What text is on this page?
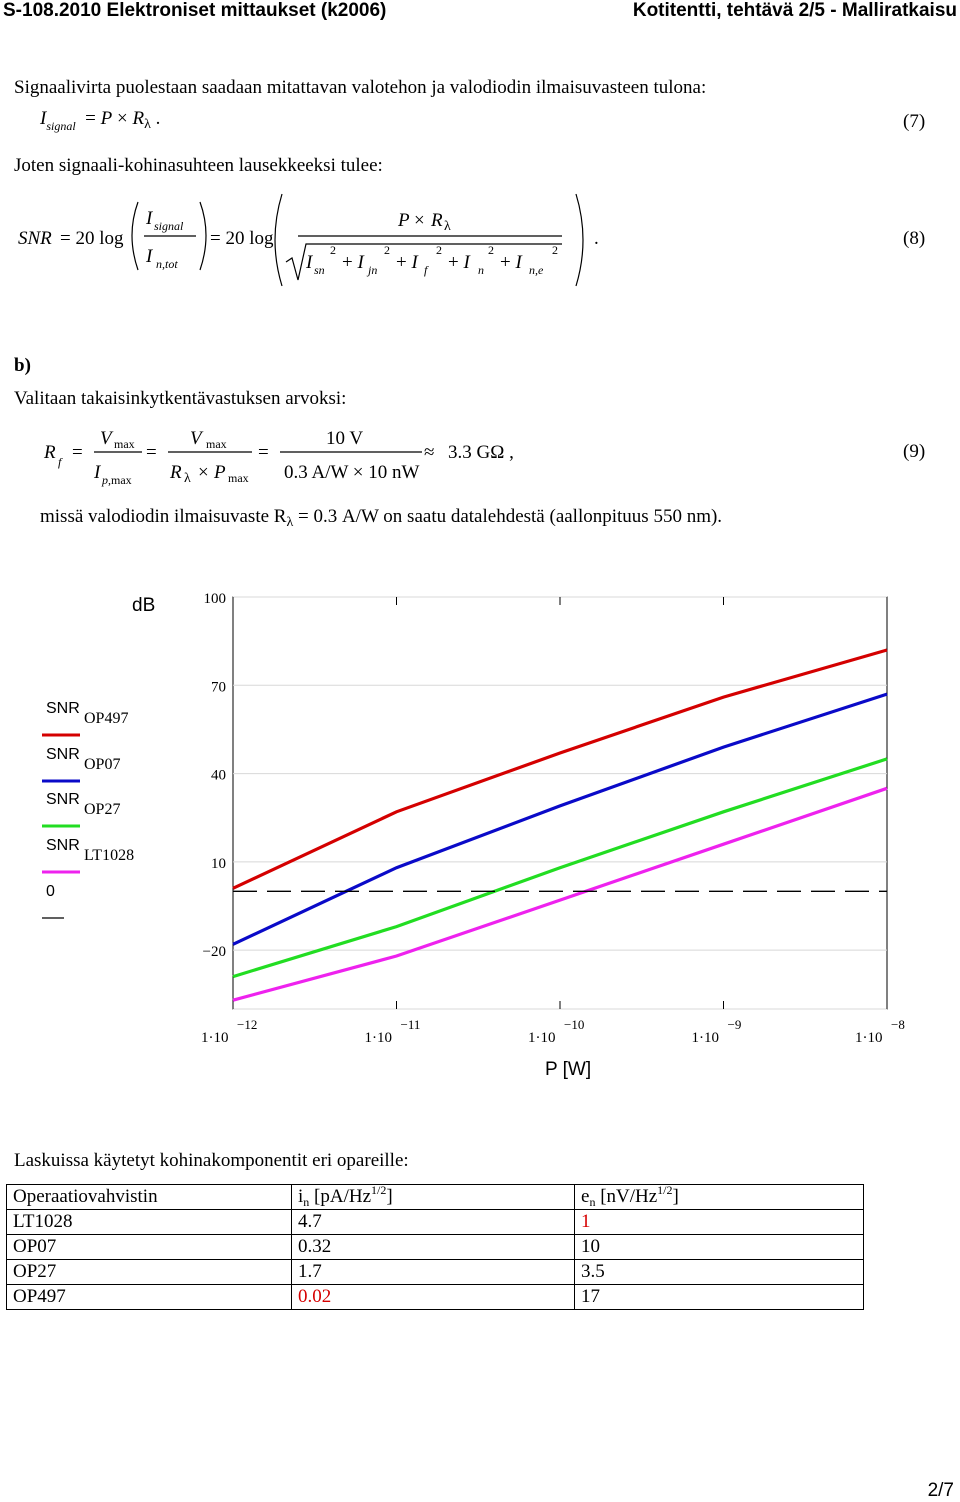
S-108.2010 Elektroniset mittaukset (k2006)	Kotitentti, tehtävä 2/5 - Malliratkaisu
Signaalivirta puolestaan saadaan mitattavan valotehon ja valodiodin ilmaisuvasteen tulona:
$I_{signal} = P \times R_\lambda$ .	(7)
Joten signaali-kohinasuhteen lausekkeeksi tulee:
SNR = 20 log
I signal
I n,tot
= 20 log
P × R λ
I sn
2
+ I jn
2
+ I f
2
+ I n
2
+ I n,e
2
.	(8)
b)
Valitaan takaisinkytkentävastuksen arvoksi:
R f =
V max
I p,max
=
V max
R λ × P max
=
10 V
0.3 A/W × 10 nW
≈ 3.3 GΩ ,	(9)
missä valodiodin ilmaisuvaste $R_\lambda = 0.3$ A/W on saatu datalehdestä (aallonpituus 550 nm).
dB	100
70
40
10
−20
1·10
−12
1·10
−11
1·10
−10
1·10
−9
1·10
−8
SNR
OP497
SNR
OP07
SNR
OP27
SNR
LT1028
0
P [W]
Laskuissa käytetyt kohinakomponentit eri opareille:
Operaatiovahvistin	$i_n$ $[pA/Hz^{1/2}]$	$e_n$ $[nV/Hz^{1/2}]$
LT1028	4.7	1
OP07	0.32	10
OP27	1.7	3.5
OP497	0.02	17
2/7
